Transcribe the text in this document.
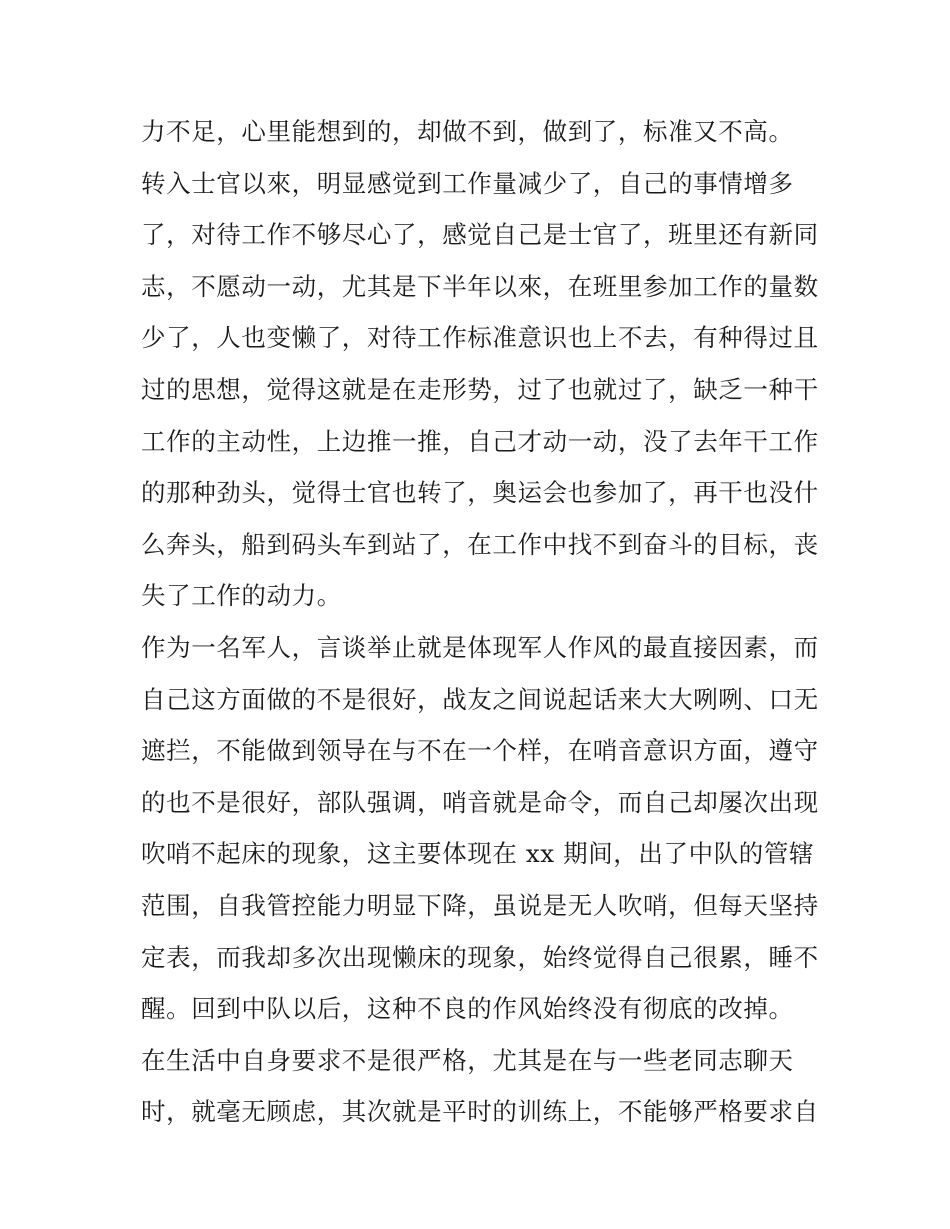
力不足，心里能想到的，却做不到，做到了，标准又不高。
转入士官以來，明显感觉到工作量减少了，自己的事情增多
了，对待工作不够尽心了，感觉自己是士官了，班里还有新同
志，不愿动一动，尤其是下半年以來，在班里参加工作的量数
少了，人也变懒了，对待工作标准意识也上不去，有种得过且
过的思想，觉得这就是在走形势，过了也就过了，缺乏一种干
工作的主动性，上边推一推，自己才动一动，没了去年干工作
的那种劲头，觉得士官也转了，奥运会也参加了，再干也没什
么奔头，船到码头车到站了，在工作中找不到奋斗的目标，丧
失了工作的动力。
作为一名军人，言谈举止就是体现军人作风的最直接因素，而
自己这方面做的不是很好，战友之间说起话来大大咧咧、口无
遮拦，不能做到领导在与不在一个样，在哨音意识方面，遵守
的也不是很好，部队强调，哨音就是命令，而自己却屡次出现
吹哨不起床的现象，这主要体现在 xx 期间，出了中队的管辖
范围，自我管控能力明显下降，虽说是无人吹哨，但每天坚持
定表，而我却多次出现懒床的现象，始终觉得自己很累，睡不
醒。回到中队以后，这种不良的作风始终没有彻底的改掉。
在生活中自身要求不是很严格，尤其是在与一些老同志聊天
时，就毫无顾虑，其次就是平时的训练上，不能够严格要求自
